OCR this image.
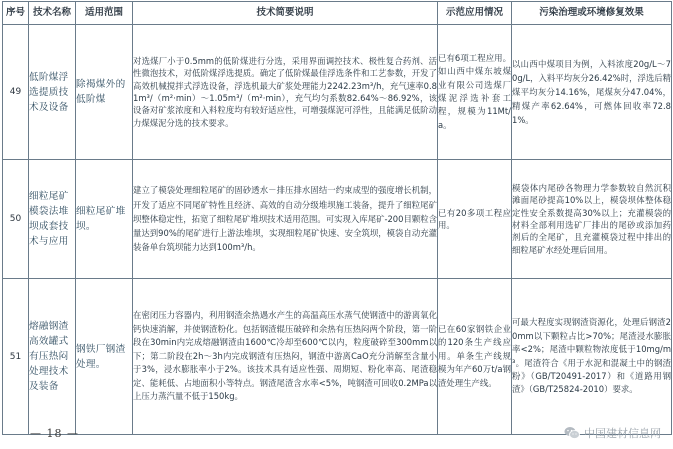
序号	技术名称	适用范围	技术简要说明	示范应用情况	污染治理或环境修复效果
49	低阶煤浮选提质技术及设备	除褐煤外的低阶煤	对选煤厂小于0.5mm的低阶煤进行分选，采用界面调控技术、极性复合药剂、活性微泡技术，对低阶煤浮选提质。确定了低阶煤最佳浮选条件和工艺参数，开发了高效机械搅拌式浮选设备，浮选机最大矿浆处理能力2242.23m³/h，充气速率0.81m³/（m²·min）～1.05m³/（m²·min），充气均匀系数82.64%～86.92%，该设备对矿浆浓度和入料粒度均有较好适应性，可增强煤泥可浮性，且能满足低阶动力煤煤泥分选的技术要求。	已有6项工程应用。如山西中煤东坡煤业有限公司选煤厂煤泥浮选补套工程，规模为11Mt/a。	以山西中煤项目为例，入料浓度20g/L～70g/L，入料平均灰分26.42%时，浮选后精煤平均灰分14.16%，尾煤灰分47.04%，精煤产率62.64%，可燃体回收率72.81%。
50	细粒尾矿模袋法堆坝成套技术与应用	细粒尾矿堆坝。	建立了模袋处理细粒尾矿的固砂透水－排压排水固结一约束成型的强度增长机制，开发了适应不同尾矿特性且经济、高效的自动分级堆坝施工装备，提升了细粒尾矿坝整体稳定性，拓宽了细粒尾矿堆坝技术适用范围。可实现入库尾矿-200目颗粒含量达到90%的尾矿进行上游法堆坝，实现细粒尾矿快速、安全筑坝，模袋自动充灌装备单台筑坝能力达到100m³/h。	已有20多项工程应用。	模袋体内尾砂各物理力学参数较自然沉积滩面尾砂提高10%以上，模袋坝体整体稳定性安全系数提高30%以上；充灌模袋的材料全部利用选矿厂排出的尾砂或添加药剂后的全尾矿，且充灌模袋过程中排出的细粒尾矿水经处理后回用。
51	熔融钢渣高效罐式有压热闷处理技术及装备	钢铁厂钢渣处理。	在密闭压力容器内，利用钢渣余热遇水产生的高温高压水蒸气使钢渣中的游离氧化钙快速消解，并使钢渣粉化。包括钢渣辊压破碎和余热有压热闷两个阶段，第一阶段在30min内完成熔融钢渣由1600℃冷却至600℃以内，粒度破碎至300mm以下；第二阶段在2h～3h内完成钢渣有压热闷，钢渣中游离CaO充分消解至含量小于3%，浸水膨胀率小于2%。该技术具有适应性强、周期短、粉化率高、尾渣稳定、能耗低、占地面积小等特点。钢渣尾渣含水率<5%，吨钢渣可回收0.2MPa以上压力蒸汽量不低于150kg。	已在60家钢铁企业的120条生产线应用。单条生产线规模为年产60万t/a钢渣处理生产线。	可最大程度实现钢渣资源化，处理后钢渣20mm以下颗粒占比>70%；尾渣浸水膨胀率<2%；尾渣中颗粒物浓度低于10mg/m³。尾渣符合《用于水泥和混凝土中的钢渣粉》（GB/T20491-2017）和《道路用钢渣》（GB/T25824-2010）要求。
— 18 —	中国建材信息网
